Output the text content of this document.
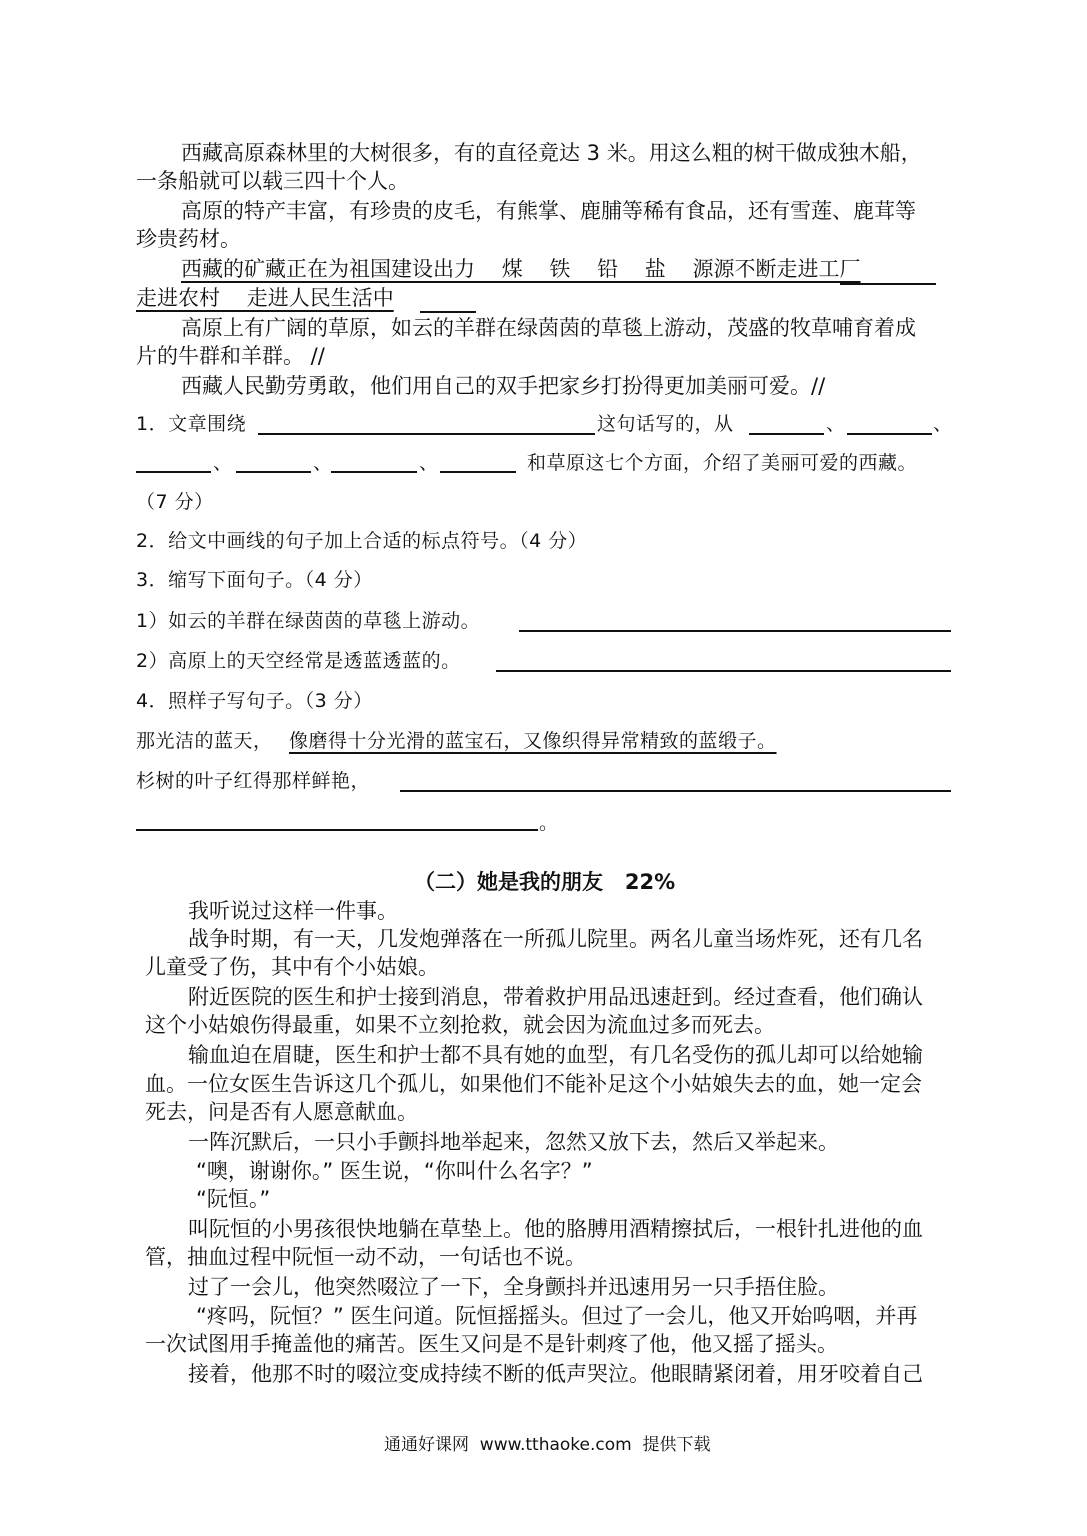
西藏高原森林里的大树很多，有的直径竟达 3 米。用这么粗的树干做成独木船，
一条船就可以载三四十个人。
高原的特产丰富，有珍贵的皮毛，有熊掌、鹿脯等稀有食品，还有雪莲、鹿茸等
珍贵药材。
西藏的矿藏正在为祖国建设出力    煤    铁    铅    盐    源源不断走进工厂
走进农村    走进人民生活中
高原上有广阔的草原，如云的羊群在绿茵茵的草毯上游动，茂盛的牧草哺育着成
片的牛群和羊群。 //
西藏人民勤劳勇敢，他们用自己的双手把家乡打扮得更加美丽可爱。//
1．文章围绕	这句话写的，从	、	、
、	、	、	和草原这七个方面，介绍了美丽可爱的西藏。
（7 分）
2．给文中画线的句子加上合适的标点符号。（4 分）
3．缩写下面句子。（4 分）
1）如云的羊群在绿茵茵的草毯上游动。
2）高原上的天空经常是透蓝透蓝的。
4．照样子写句子。（3 分）
那光洁的蓝天， 像磨得十分光滑的蓝宝石，又像织得异常精致的蓝缎子。
杉树的叶子红得那样鲜艳，
。
（二）她是我的朋友   22%
我听说过这样一件事。
战争时期，有一天，几发炮弹落在一所孤儿院里。两名儿童当场炸死，还有几名
儿童受了伤，其中有个小姑娘。
附近医院的医生和护士接到消息，带着救护用品迅速赶到。经过查看，他们确认
这个小姑娘伤得最重，如果不立刻抢救，就会因为流血过多而死去。
输血迫在眉睫，医生和护士都不具有她的血型，有几名受伤的孤儿却可以给她输
血。一位女医生告诉这几个孤儿，如果他们不能补足这个小姑娘失去的血，她一定会
死去，问是否有人愿意献血。
一阵沉默后，一只小手颤抖地举起来，忽然又放下去，然后又举起来。
“噢，谢谢你。” 医生说，“你叫什么名字？”
“阮恒。”
叫阮恒的小男孩很快地躺在草垫上。他的胳膊用酒精擦拭后，一根针扎进他的血
管，抽血过程中阮恒一动不动，一句话也不说。
过了一会儿，他突然啜泣了一下，全身颤抖并迅速用另一只手捂住脸。
“疼吗，阮恒？” 医生问道。阮恒摇摇头。但过了一会儿，他又开始呜咽，并再
一次试图用手掩盖他的痛苦。医生又问是不是针刺疼了他，他又摇了摇头。
接着，他那不时的啜泣变成持续不断的低声哭泣。他眼睛紧闭着，用牙咬着自己
通通好课网  www.tthaoke.com  提供下载
